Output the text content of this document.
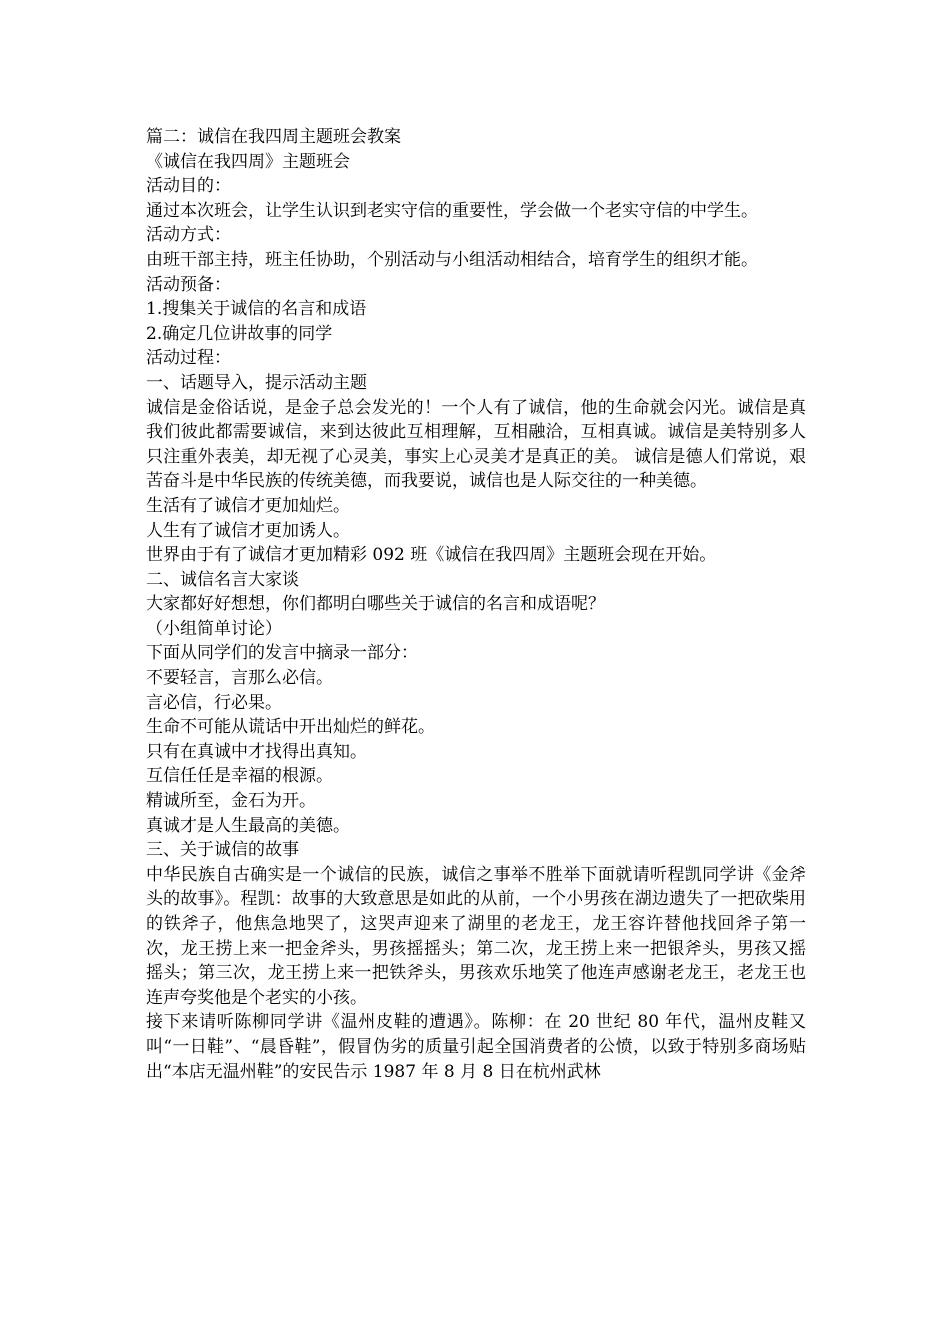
篇二：诚信在我四周主题班会教案

《诚信在我四周》主题班会

活动目的：

通过本次班会，让学生认识到老实守信的重要性，学会做一个老实守信的中学生。

活动方式：

由班干部主持，班主任协助，个别活动与小组活动相结合，培育学生的组织才能。

活动预备：

1.搜集关于诚信的名言和成语

2.确定几位讲故事的同学

活动过程：

一、话题导入，提示活动主题

诚信是金俗话说，是金子总会发光的！一个人有了诚信，他的生命就会闪光。诚信是真我们彼此都需要诚信，来到达彼此互相理解，互相融洽，互相真诚。诚信是美特别多人只注重外表美，却无视了心灵美，事实上心灵美才是真正的美。 诚信是德人们常说，艰苦奋斗是中华民族的传统美德，而我要说，诚信也是人际交往的一种美德。

生活有了诚信才更加灿烂。

人生有了诚信才更加诱人。

世界由于有了诚信才更加精彩 092 班《诚信在我四周》主题班会现在开始。

二、诚信名言大家谈

大家都好好想想，你们都明白哪些关于诚信的名言和成语呢？

（小组简单讨论）

下面从同学们的发言中摘录一部分：

不要轻言，言那么必信。

言必信，行必果。

生命不可能从谎话中开出灿烂的鲜花。

只有在真诚中才找得出真知。

互信任任是幸福的根源。

精诚所至，金石为开。

真诚才是人生最高的美德。

三、关于诚信的故事

中华民族自古确实是一个诚信的民族，诚信之事举不胜举下面就请听程凯同学讲《金斧头的故事》。程凯：故事的大致意思是如此的从前，一个小男孩在湖边遗失了一把砍柴用的铁斧子，他焦急地哭了，这哭声迎来了湖里的老龙王，龙王容许替他找回斧子第一次，龙王捞上来一把金斧头，男孩摇摇头；第二次，龙王捞上来一把银斧头，男孩又摇摇头；第三次，龙王捞上来一把铁斧头，男孩欢乐地笑了他连声感谢老龙王，老龙王也连声夸奖他是个老实的小孩。

接下来请听陈柳同学讲《温州皮鞋的遭遇》。陈柳：在 20 世纪 80 年代，温州皮鞋又叫“一日鞋”、“晨昏鞋”，假冒伪劣的质量引起全国消费者的公愤，以致于特别多商场贴出“本店无温州鞋”的安民告示 1987 年 8 月 8 日在杭州武林
